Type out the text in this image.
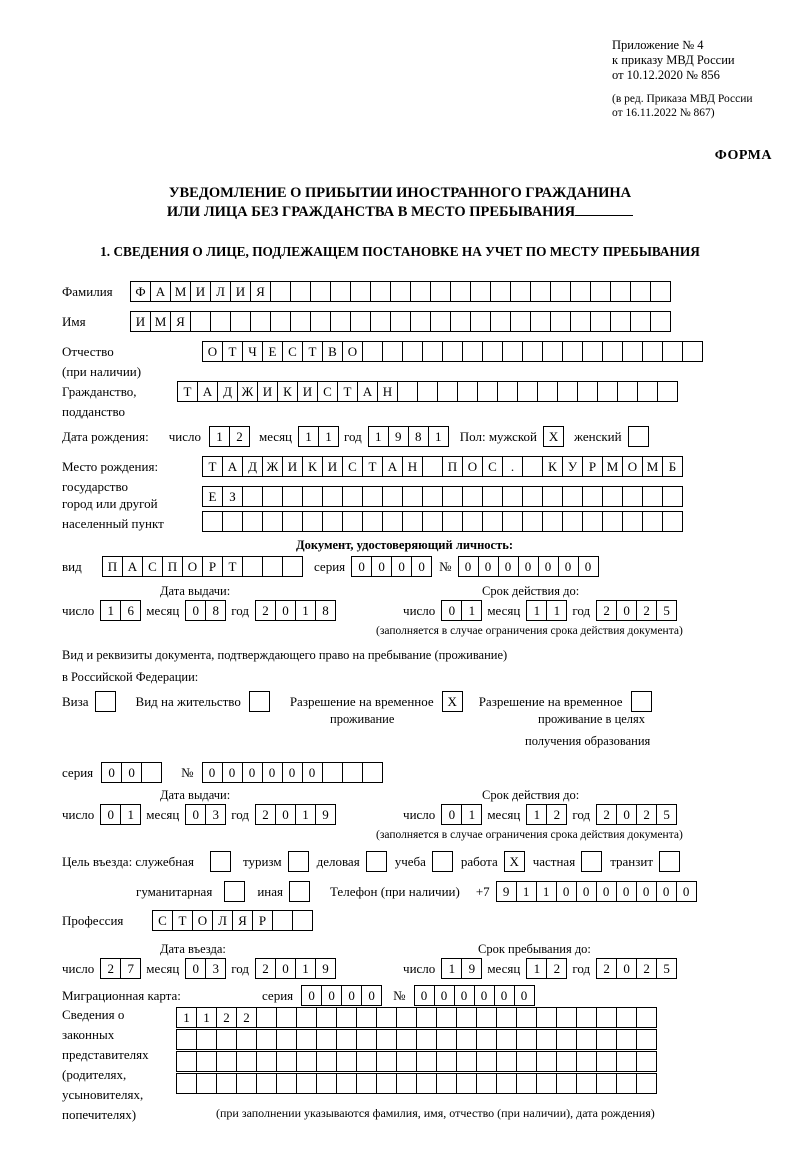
Приложение № 4
к приказу МВД России
от 10.12.2020 № 856
(в ред. Приказа МВД России
от 16.11.2022 № 867)
ФОРМА
УВЕДОМЛЕНИЕ О ПРИБЫТИИ ИНОСТРАННОГО ГРАЖДАНИНА
ИЛИ ЛИЦА БЕЗ ГРАЖДАНСТВА В МЕСТО ПРЕБЫВАНИЯ
1. СВЕДЕНИЯ О ЛИЦЕ, ПОДЛЕЖАЩЕМ ПОСТАНОВКЕ НА УЧЕТ ПО МЕСТУ ПРЕБЫВАНИЯ
Фамилия	Ф А М И Л И Я
Имя	И М Я
Отчество	О Т Ч Е С Т В О
(при наличии)
Гражданство,	Т А Д Ж И К И С Т А Н
подданство
Дата рождения: число	1	2	месяц	1	1 год	1	9	8	1	Пол: мужской X	женский
Место рождения:	Т А Д Ж И К И С Т А Н	П О С	.	К У Р М О М Б
государство
Е З
город или другой
населенный пункт
Документ, удостоверяющий личность:
вид	П А С П О Р Т	серия	0	0	0	0	№	0	0	0	0	0	0	0
Дата выдачи:	Срок действия до:
число	1	6 месяц	0	8 год	2	0	1	8	число	0	1 месяц	1	1 год	2	0	2	5
(заполняется в случае ограничения срока действия документа)
Вид и реквизиты документа, подтверждающего право на пребывание (проживание)
в Российской Федерации:
Виза	Вид на жительство	Разрешение на временное	X	Разрешение на временное
проживание	проживание в целях
получения образования
серия	0	0	№	0	0	0	0	0	0
Дата выдачи:	Срок действия до:
число	0	1 месяц	0	3 год	2	0	1	9	число	0	1 месяц	1	2 год	2	0	2	5
(заполняется в случае ограничения срока действия документа)
Цель въезда: служебная	туризм	деловая	учеба	работа X	частная	транзит
гуманитарная	иная	Телефон (при наличии) +7	9	1	1	0	0	0	0	0	0	0
Профессия	С Т О Л Я Р
Дата въезда:	Срок пребывания до:
число	2	7 месяц	0	3 год	2	0	1	9	число	1	9 месяц	1	2 год	2	0	2	5
Миграционная карта:	серия	0	0	0	0	№	0	0	0	0	0	0
Сведения о
законных
представителях
(родителях,
усыновителях,
попечителях)
1	1	2	2
(при заполнении указываются фамилия, имя, отчество (при наличии), дата рождения)
